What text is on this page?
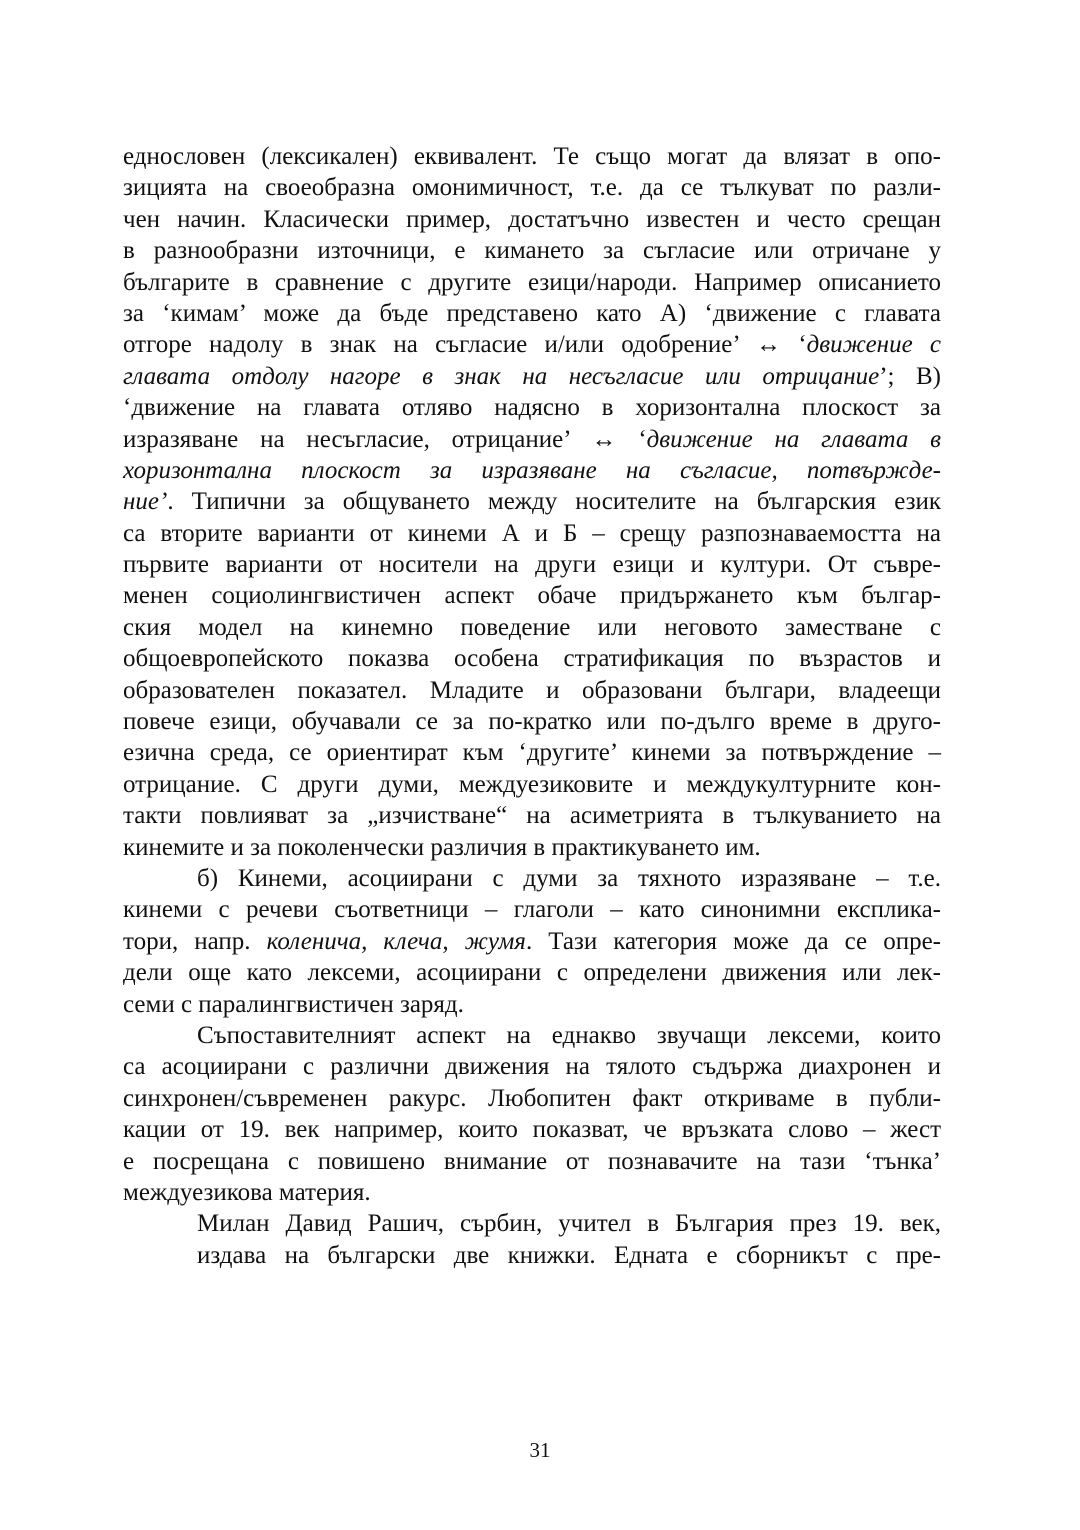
еднословен (лексикален) еквивалент. Те също могат да влязат в опо-
зицията на своеобразна омонимичност, т.е. да се тълкуват по разли-
чен начин. Класически пример, достатъчно известен и често срещан
в разнообразни източници, е кимането за съгласие или отричане у
българите в сравнение с другите езици/народи. Например описанието
за ‘кимам’ може да бъде представено като А) ‘движение с главата
отгоре надолу в знак на съгласие и/или одобрение’ ↔ ‘движение с
главата отдолу нагоре в знак на несъгласие или отрицание’; В)
‘движение на главата отляво надясно в хоризонтална плоскост за
изразяване на несъгласие, отрицание’ ↔ ‘движение на главата в
хоризонтална плоскост за изразяване на съгласие, потвържде-
ние’. Типични за общуването между носителите на българския език
са вторите варианти от кинеми А и Б – срещу разпознаваемостта на
първите варианти от носители на други езици и култури. От съвре-
менен социолингвистичен аспект обаче придържането към българ-
ския модел на кинемно поведение или неговото заместване с
общоевропейското показва особена стратификация по възрастов и
образователен показател. Младите и образовани българи, владеещи
повече езици, обучавали се за по-кратко или по-дълго време в друго-
езична среда, се ориентират към ‘другите’ кинеми за потвърждение –
отрицание. С други думи, междуезиковите и междукултурните кон-
такти повлияват за „изчистване“ на асиметрията в тълкуванието на
кинемите и за поколенчески различия в практикуването им.
б) Кинеми, асоциирани с думи за тяхното изразяване – т.е.
кинеми с речеви съответници – глаголи – като синонимни експлика-
тори, напр. коленича, клеча, жумя. Тази категория може да се опре-
дели още като лексеми, асоциирани с определени движения или лек-
семи с паралингвистичен заряд.
Съпоставителният аспект на еднакво звучащи лексеми, които
са асоциирани с различни движения на тялото съдържа диахронен и
синхронен/съвременен ракурс. Любопитен факт откриваме в публи-
кации от 19. век например, които показват, че връзката слово – жест
е посрещана с повишено внимание от познавачите на тази ‘тънка’
междуезикова материя.
Милан Давид Рашич, сърбин, учител в България през 19. век,
издава на български две книжки. Едната е сборникът с пре-
31
